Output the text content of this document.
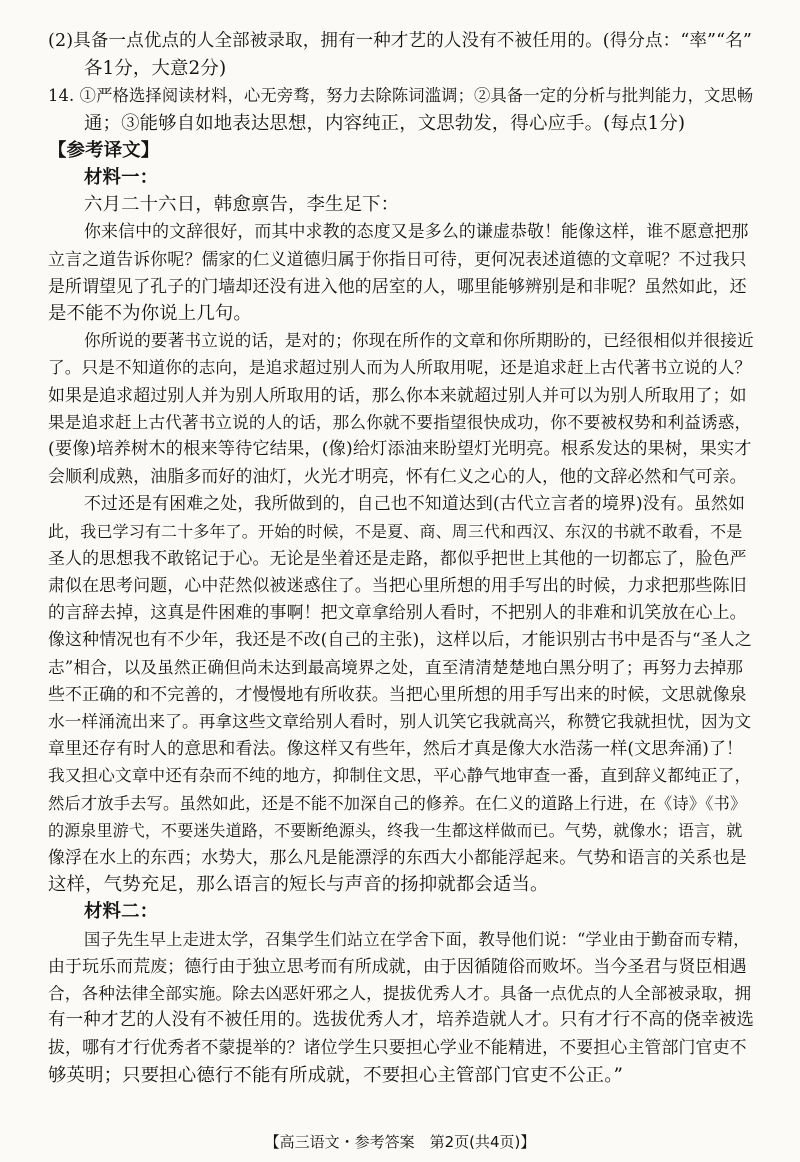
(2)具备一点优点的人全部被录取，拥有一种才艺的人没有不被任用的。(得分点：“率”“名”
各1分，大意2分)
14. ①严格选择阅读材料，心无旁骛，努力去除陈词滥调；②具备一定的分析与批判能力，文思畅
通；③能够自如地表达思想，内容纯正，文思勃发，得心应手。(每点1分)
【参考译文】
材料一：
六月二十六日，韩愈禀告，李生足下：
你来信中的文辞很好，而其中求教的态度又是多么的谦虚恭敬！能像这样，谁不愿意把那
立言之道告诉你呢？儒家的仁义道德归属于你指日可待，更何况表述道德的文章呢？不过我只
是所谓望见了孔子的门墙却还没有进入他的居室的人，哪里能够辨别是和非呢？虽然如此，还
是不能不为你说上几句。
你所说的要著书立说的话，是对的；你现在所作的文章和你所期盼的，已经很相似并很接近
了。只是不知道你的志向，是追求超过别人而为人所取用呢，还是追求赶上古代著书立说的人？
如果是追求超过别人并为别人所取用的话，那么你本来就超过别人并可以为别人所取用了；如
果是追求赶上古代著书立说的人的话，那么你就不要指望很快成功，你不要被权势和利益诱惑，
(要像)培养树木的根来等待它结果，(像)给灯添油来盼望灯光明亮。根系发达的果树，果实才
会顺利成熟，油脂多而好的油灯，火光才明亮，怀有仁义之心的人，他的文辞必然和气可亲。
不过还是有困难之处，我所做到的，自己也不知道达到(古代立言者的境界)没有。虽然如
此，我已学习有二十多年了。开始的时候，不是夏、商、周三代和西汉、东汉的书就不敢看，不是
圣人的思想我不敢铭记于心。无论是坐着还是走路，都似乎把世上其他的一切都忘了，脸色严
肃似在思考问题，心中茫然似被迷惑住了。当把心里所想的用手写出的时候，力求把那些陈旧
的言辞去掉，这真是件困难的事啊！把文章拿给别人看时，不把别人的非难和讥笑放在心上。
像这种情况也有不少年，我还是不改(自己的主张)，这样以后，才能识别古书中是否与“圣人之
志”相合，以及虽然正确但尚未达到最高境界之处，直至清清楚楚地白黑分明了；再努力去掉那
些不正确的和不完善的，才慢慢地有所收获。当把心里所想的用手写出来的时候，文思就像泉
水一样涌流出来了。再拿这些文章给别人看时，别人讥笑它我就高兴，称赞它我就担忧，因为文
章里还存有时人的意思和看法。像这样又有些年，然后才真是像大水浩荡一样(文思奔涌)了！
我又担心文章中还有杂而不纯的地方，抑制住文思，平心静气地审查一番，直到辞义都纯正了，
然后才放手去写。虽然如此，还是不能不加深自己的修养。在仁义的道路上行进，在《诗》《书》
的源泉里游弋，不要迷失道路，不要断绝源头，终我一生都这样做而已。气势，就像水；语言，就
像浮在水上的东西；水势大，那么凡是能漂浮的东西大小都能浮起来。气势和语言的关系也是
这样，气势充足，那么语言的短长与声音的扬抑就都会适当。
材料二：
国子先生早上走进太学，召集学生们站立在学舍下面，教导他们说：“学业由于勤奋而专精，
由于玩乐而荒废；德行由于独立思考而有所成就，由于因循随俗而败坏。当今圣君与贤臣相遇
合，各种法律全部实施。除去凶恶奸邪之人，提拔优秀人才。具备一点优点的人全部被录取，拥
有一种才艺的人没有不被任用的。选拔优秀人才，培养造就人才。只有才行不高的侥幸被选
拔，哪有才行优秀者不蒙提举的？诸位学生只要担心学业不能精进，不要担心主管部门官吏不
够英明；只要担心德行不能有所成就，不要担心主管部门官吏不公正。”
【高三语文・参考答案　第2页(共4页)】
